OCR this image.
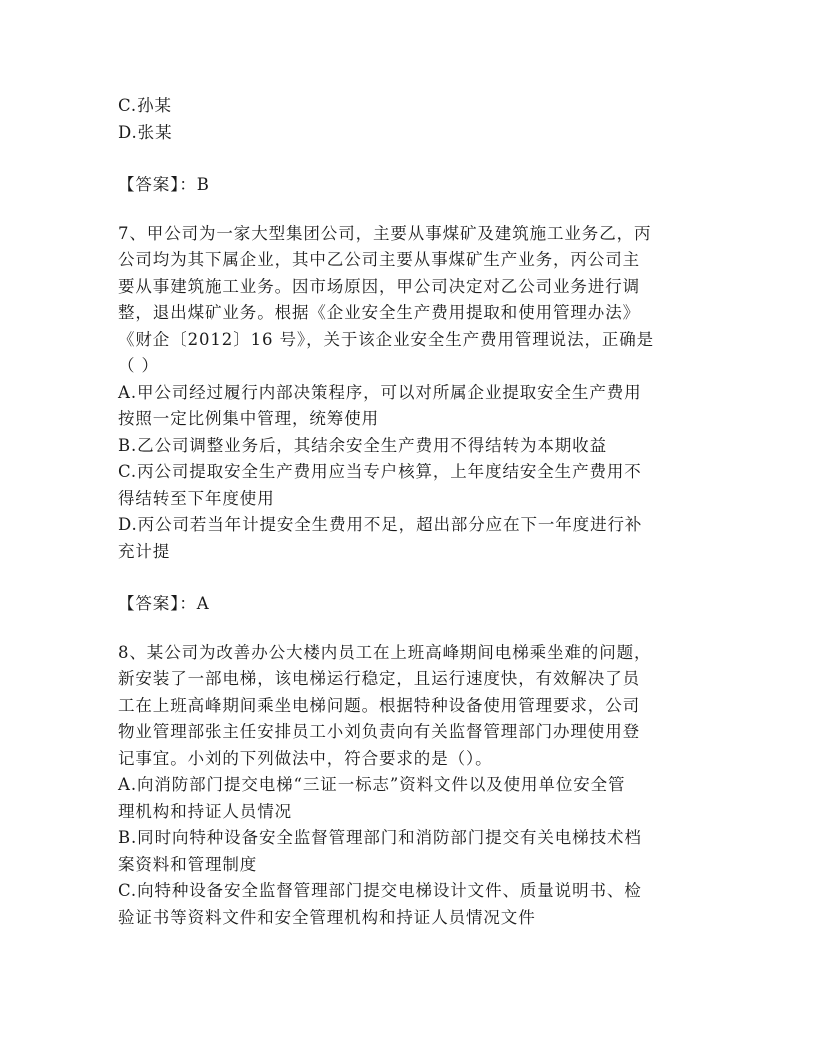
C.孙某
D.张某
【答案】：B
7、甲公司为一家大型集团公司，主要从事煤矿及建筑施工业务乙，丙
公司均为其下属企业，其中乙公司主要从事煤矿生产业务，丙公司主
要从事建筑施工业务。因市场原因，甲公司决定对乙公司业务进行调
整，退出煤矿业务。根据《企业安全生产费用提取和使用管理办法》
《财企〔2012〕16 号》，关于该企业安全生产费用管理说法，正确是
（ ）
A.甲公司经过履行内部决策程序，可以对所属企业提取安全生产费用
按照一定比例集中管理，统筹使用
B.乙公司调整业务后，其结余安全生产费用不得结转为本期收益
C.丙公司提取安全生产费用应当专户核算，上年度结安全生产费用不
得结转至下年度使用
D.丙公司若当年计提安全生费用不足，超出部分应在下一年度进行补
充计提
【答案】：A
8、某公司为改善办公大楼内员工在上班高峰期间电梯乘坐难的问题，
新安装了一部电梯，该电梯运行稳定，且运行速度快，有效解决了员
工在上班高峰期间乘坐电梯问题。根据特种设备使用管理要求，公司
物业管理部张主任安排员工小刘负责向有关监督管理部门办理使用登
记事宜。小刘的下列做法中，符合要求的是（）。
A.向消防部门提交电梯“三证一标志”资料文件以及使用单位安全管
理机构和持证人员情况
B.同时向特种设备安全监督管理部门和消防部门提交有关电梯技术档
案资料和管理制度
C.向特种设备安全监督管理部门提交电梯设计文件、质量说明书、检
验证书等资料文件和安全管理机构和持证人员情况文件
